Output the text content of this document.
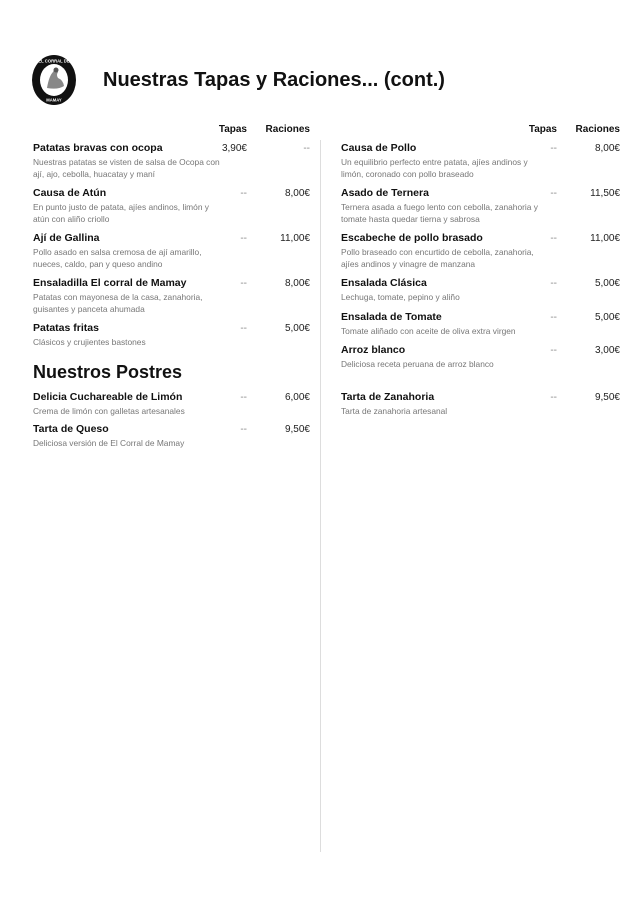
EL CORRAL DE
MAMAY
Nuestras Tapas y Raciones... (cont.)
Tapas	Raciones
Patatas bravas con ocopa	3,90€	--
Nuestras patatas se visten de salsa de Ocopa con ají, ajo, cebolla, huacatay y maní
Causa de Atún	--	8,00€
En punto justo de patata, ajíes andinos, limón y atún con aliño criollo
Ají de Gallina	--	11,00€
Pollo asado en salsa cremosa de ají amarillo, nueces, caldo, pan y queso andino
Ensaladilla El corral de Mamay	--	8,00€
Patatas con mayonesa de la casa, zanahoria, guisantes y panceta ahumada
Patatas fritas	--	5,00€
Clásicos y crujientes bastones
Tapas	Raciones
Causa de Pollo	--	8,00€
Un equilibrio perfecto entre patata, ajíes andinos y limón, coronado con pollo braseado
Asado de Ternera	--	11,50€
Ternera asada a fuego lento con cebolla, zanahoria y tomate hasta quedar tierna y sabrosa
Escabeche de pollo brasado	--	11,00€
Pollo braseado con encurtido de cebolla, zanahoria, ajíes andinos y vinagre de manzana
Ensalada Clásica	--	5,00€
Lechuga, tomate, pepino y aliño
Ensalada de Tomate	--	5,00€
Tomate aliñado con aceite de oliva extra virgen
Arroz blanco	--	3,00€
Deliciosa receta peruana de arroz blanco
Nuestros Postres
Delicia Cuchareable de Limón	--	6,00€
Crema de limón con galletas artesanales
Tarta de Queso	--	9,50€
Deliciosa versión de El Corral de Mamay
Tarta de Zanahoria	--	9,50€
Tarta de zanahoria artesanal
